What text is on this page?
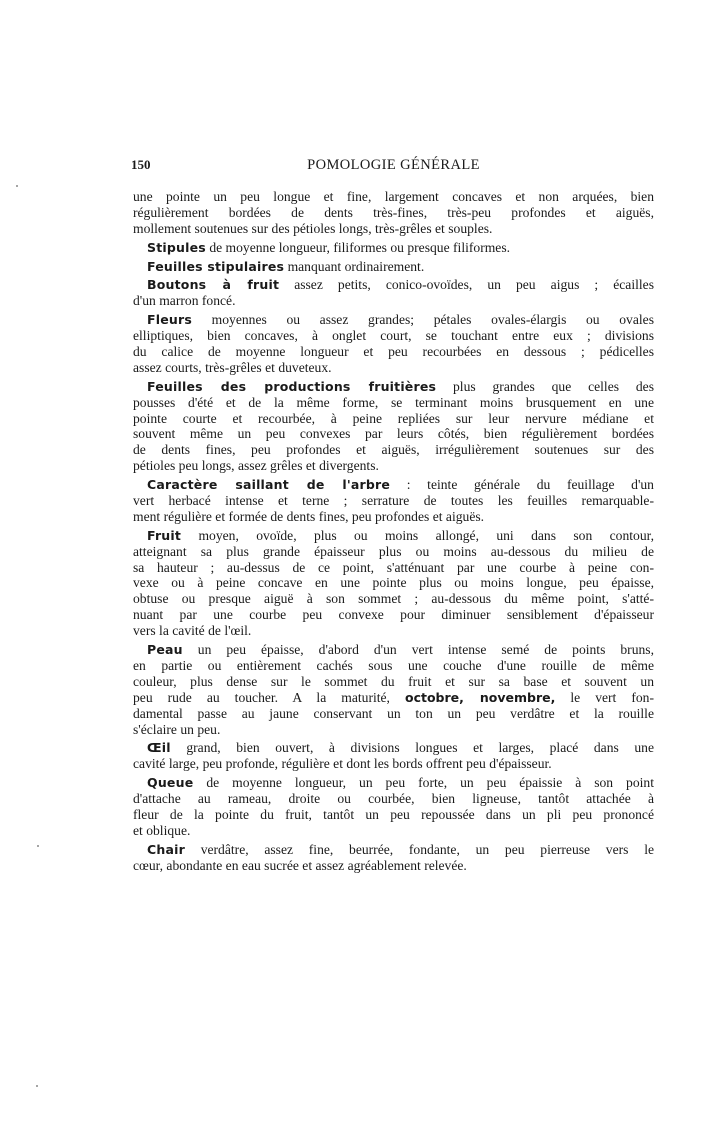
150	POMOLOGIE GÉNÉRALE
une pointe un peu longue et fine, largement concaves et non arquées, bien
régulièrement bordées de dents très-fines, très-peu profondes et aiguës,
mollement soutenues sur des pétioles longs, très-grêles et souples.
Stipules de moyenne longueur, filiformes ou presque filiformes.
Feuilles stipulaires manquant ordinairement.
Boutons à fruit assez petits, conico-ovoïdes, un peu aigus ; écailles
d'un marron foncé.
Fleurs moyennes ou assez grandes; pétales ovales-élargis ou ovales
elliptiques, bien concaves, à onglet court, se touchant entre eux ; divisions
du calice de moyenne longueur et peu recourbées en dessous ; pédicelles
assez courts, très-grêles et duveteux.
Feuilles des productions fruitières plus grandes que celles des
pousses d'été et de la même forme, se terminant moins brusquement en une
pointe courte et recourbée, à peine repliées sur leur nervure médiane et
souvent même un peu convexes par leurs côtés, bien régulièrement bordées
de dents fines, peu profondes et aiguës, irrégulièrement soutenues sur des
pétioles peu longs, assez grêles et divergents.
Caractère saillant de l'arbre : teinte générale du feuillage d'un
vert herbacé intense et terne ; serrature de toutes les feuilles remarquable-
ment régulière et formée de dents fines, peu profondes et aiguës.
Fruit moyen, ovoïde, plus ou moins allongé, uni dans son contour,
atteignant sa plus grande épaisseur plus ou moins au-dessous du milieu de
sa hauteur ; au-dessus de ce point, s'atténuant par une courbe à peine con-
vexe ou à peine concave en une pointe plus ou moins longue, peu épaisse,
obtuse ou presque aiguë à son sommet ; au-dessous du même point, s'atté-
nuant par une courbe peu convexe pour diminuer sensiblement d'épaisseur
vers la cavité de l'œil.
Peau un peu épaisse, d'abord d'un vert intense semé de points bruns,
en partie ou entièrement cachés sous une couche d'une rouille de même
couleur, plus dense sur le sommet du fruit et sur sa base et souvent un
peu rude au toucher. A la maturité, octobre, novembre, le vert fon-
damental passe au jaune conservant un ton un peu verdâtre et la rouille
s'éclaire un peu.
Œil grand, bien ouvert, à divisions longues et larges, placé dans une
cavité large, peu profonde, régulière et dont les bords offrent peu d'épaisseur.
Queue de moyenne longueur, un peu forte, un peu épaissie à son point
d'attache au rameau, droite ou courbée, bien ligneuse, tantôt attachée à
fleur de la pointe du fruit, tantôt un peu repoussée dans un pli peu prononcé
et oblique.
Chair verdâtre, assez fine, beurrée, fondante, un peu pierreuse vers le
cœur, abondante en eau sucrée et assez agréablement relevée.
